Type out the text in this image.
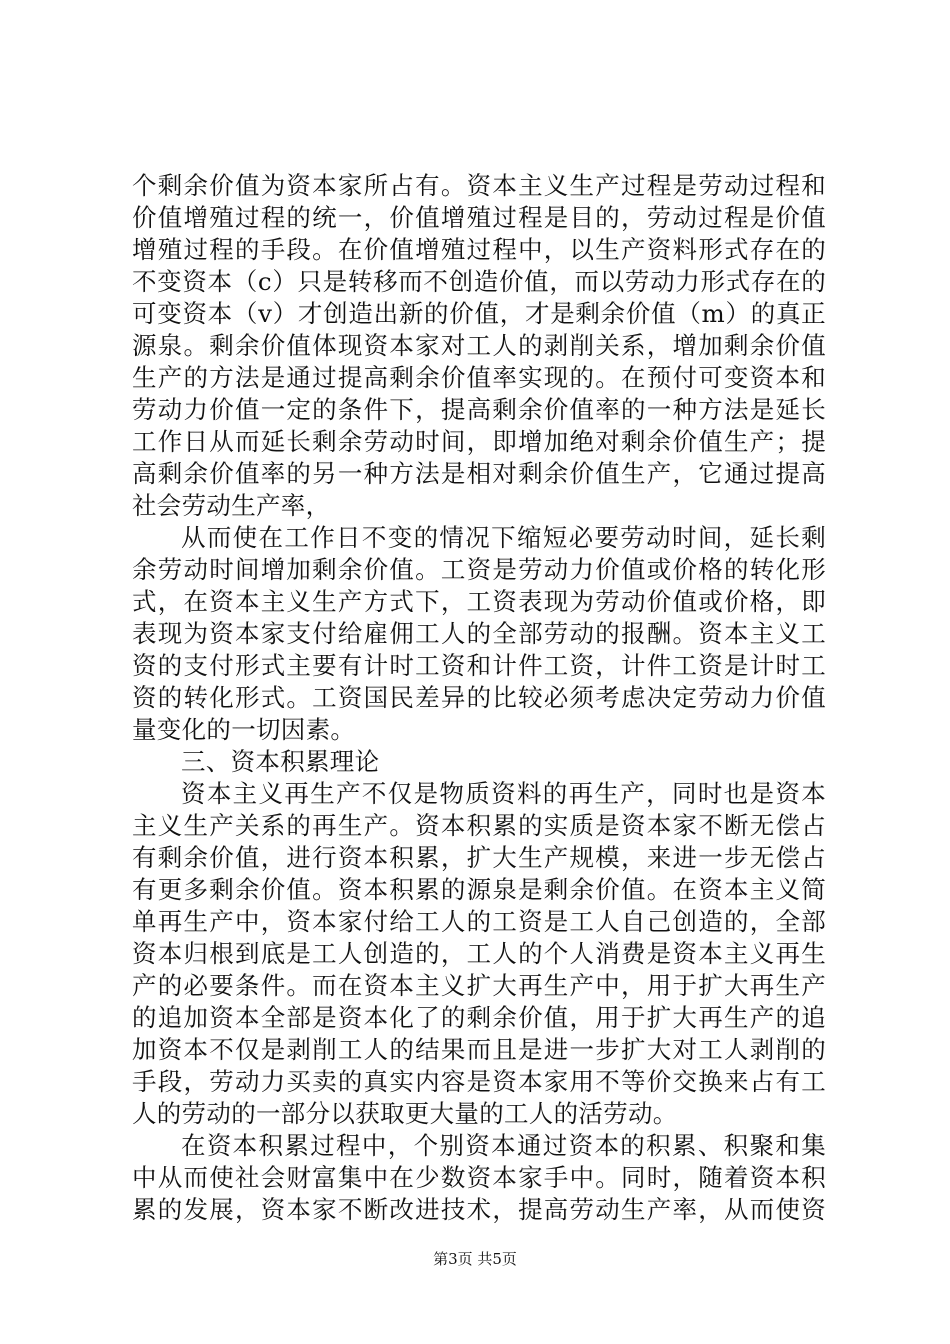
个剩余价值为资本家所占有。资本主义生产过程是劳动过程和
价值增殖过程的统一，价值增殖过程是目的，劳动过程是价值
增殖过程的手段。在价值增殖过程中，以生产资料形式存在的
不变资本（c）只是转移而不创造价值，而以劳动力形式存在的
可变资本（v）才创造出新的价值，才是剩余价值（m）的真正
源泉。剩余价值体现资本家对工人的剥削关系，增加剩余价值
生产的方法是通过提高剩余价值率实现的。在预付可变资本和
劳动力价值一定的条件下，提高剩余价值率的一种方法是延长
工作日从而延长剩余劳动时间，即增加绝对剩余价值生产；提
高剩余价值率的另一种方法是相对剩余价值生产，它通过提高
社会劳动生产率，
从而使在工作日不变的情况下缩短必要劳动时间，延长剩
余劳动时间增加剩余价值。工资是劳动力价值或价格的转化形
式，在资本主义生产方式下，工资表现为劳动价值或价格，即
表现为资本家支付给雇佣工人的全部劳动的报酬。资本主义工
资的支付形式主要有计时工资和计件工资，计件工资是计时工
资的转化形式。工资国民差异的比较必须考虑决定劳动力价值
量变化的一切因素。
三、资本积累理论
资本主义再生产不仅是物质资料的再生产，同时也是资本
主义生产关系的再生产。资本积累的实质是资本家不断无偿占
有剩余价值，进行资本积累，扩大生产规模，来进一步无偿占
有更多剩余价值。资本积累的源泉是剩余价值。在资本主义简
单再生产中，资本家付给工人的工资是工人自己创造的，全部
资本归根到底是工人创造的，工人的个人消费是资本主义再生
产的必要条件。而在资本主义扩大再生产中，用于扩大再生产
的追加资本全部是资本化了的剩余价值，用于扩大再生产的追
加资本不仅是剥削工人的结果而且是进一步扩大对工人剥削的
手段，劳动力买卖的真实内容是资本家用不等价交换来占有工
人的劳动的一部分以获取更大量的工人的活劳动。
在资本积累过程中，个别资本通过资本的积累、积聚和集
中从而使社会财富集中在少数资本家手中。同时，随着资本积
累的发展，资本家不断改进技术，提高劳动生产率，从而使资
第3页 共5页
